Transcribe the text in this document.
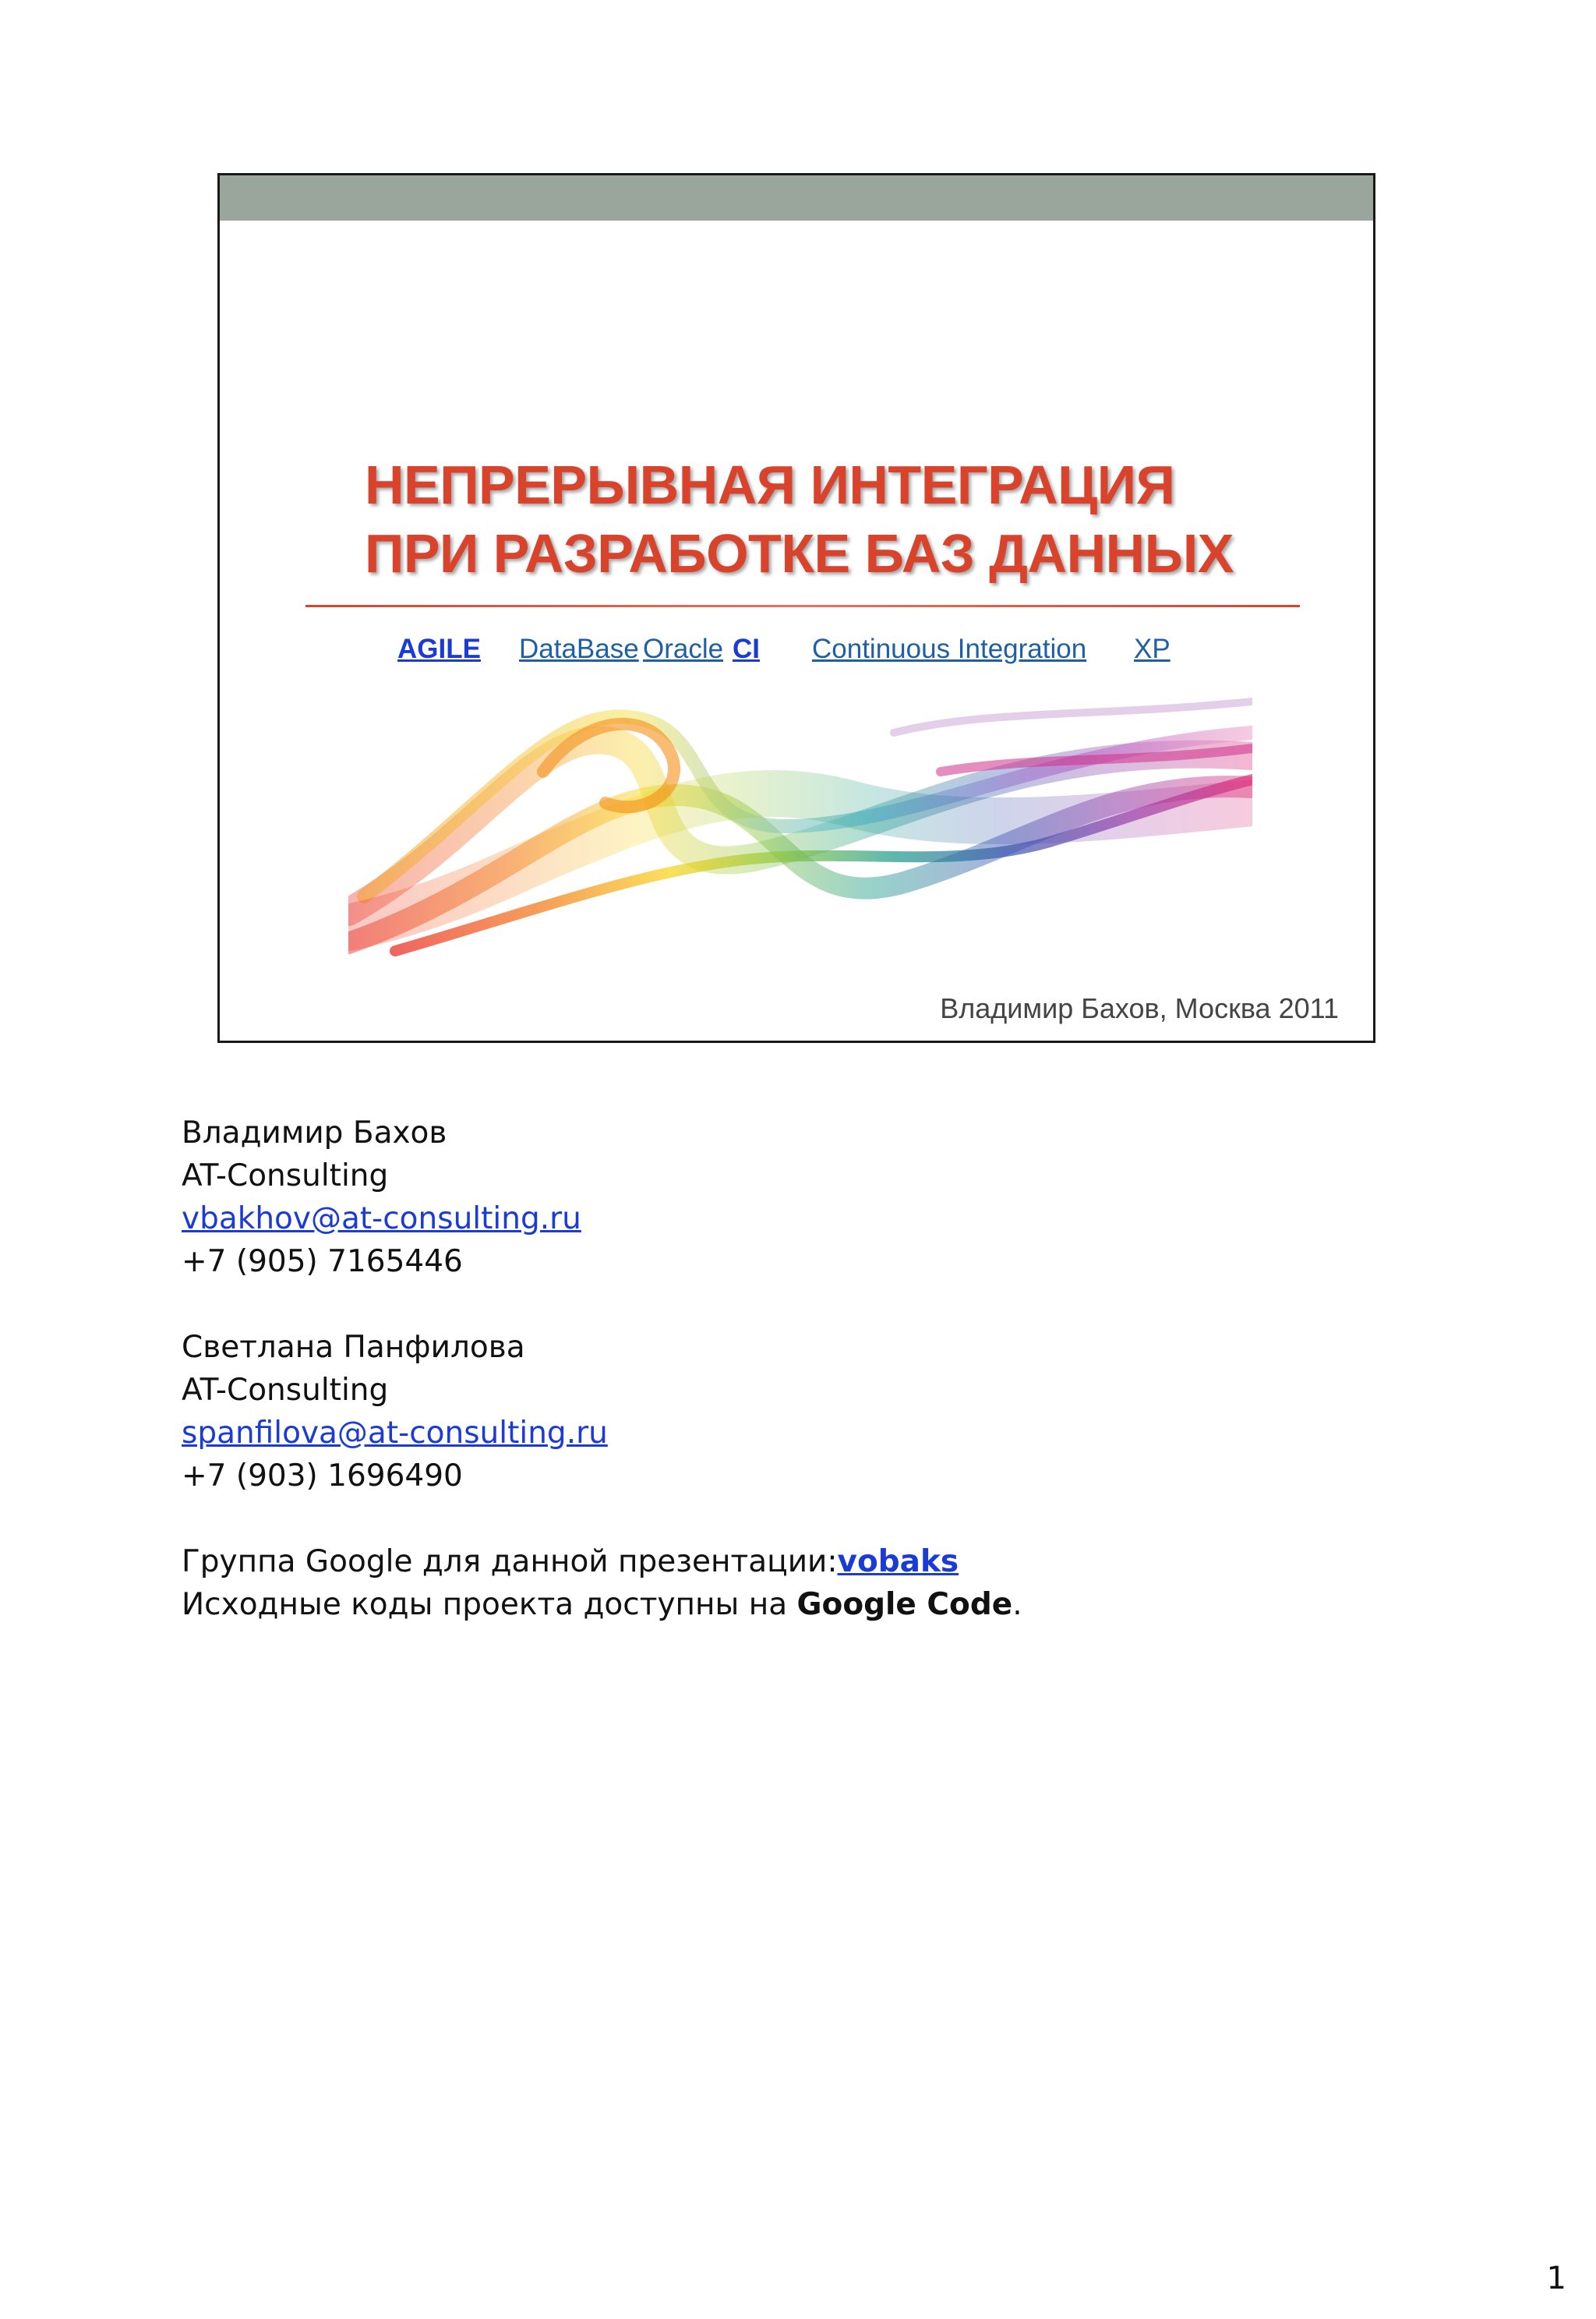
НЕПРЕРЫВНАЯ ИНТЕГРАЦИЯ
ПРИ РАЗРАБОТКЕ БАЗ ДАННЫХ
AGILE DataBase Oracle CI Continuous Integration XP
Владимир Бахов, Москва 2011
Владимир Бахов
AT-Consulting
vbakhov@at-consulting.ru
+7 (905) 7165446
Светлана Панфилова
AT-Consulting
spanfilova@at-consulting.ru
+7 (903) 1696490
Группа Google для данной презентации:vobaks
Исходные коды проекта доступны на Google Code.
1
